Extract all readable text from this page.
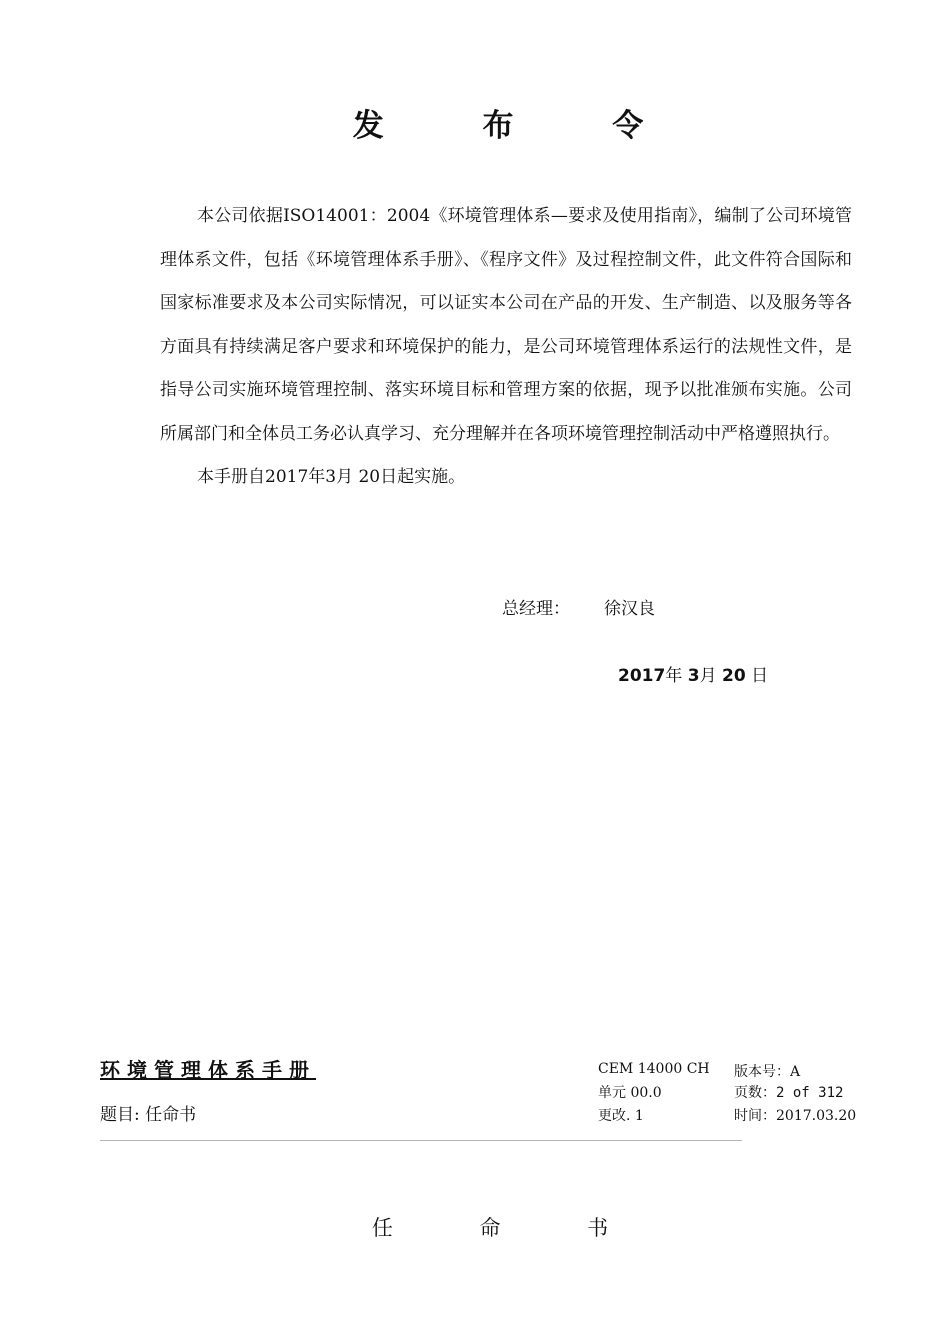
发 布 令

本公司依据ISO14001：2004《环境管理体系—要求及使用指南》，编制了公司环境管理体系文件，包括《环境管理体系手册》、《程序文件》及过程控制文件，此文件符合国际和国家标准要求及本公司实际情况，可以证实本公司在产品的开发、生产制造、以及服务等各方面具有持续满足客户要求和环境保护的能力，是公司环境管理体系运行的法规性文件，是指导公司实施环境管理控制、落实环境目标和管理方案的依据，现予以批准颁布实施。公司所属部门和全体员工务必认真学习、充分理解并在各项环境管理控制活动中严格遵照执行。

本手册自2017年3月 20日起实施。

总经理： 徐汉良
2017年 3月 20 日
环境管理体系手册
题目: 任命书
CEM 14000 CH
单元 00.0
更改. 1
版本号：A
页数：2 of 312
时间：2017.03.20
任 命 书
